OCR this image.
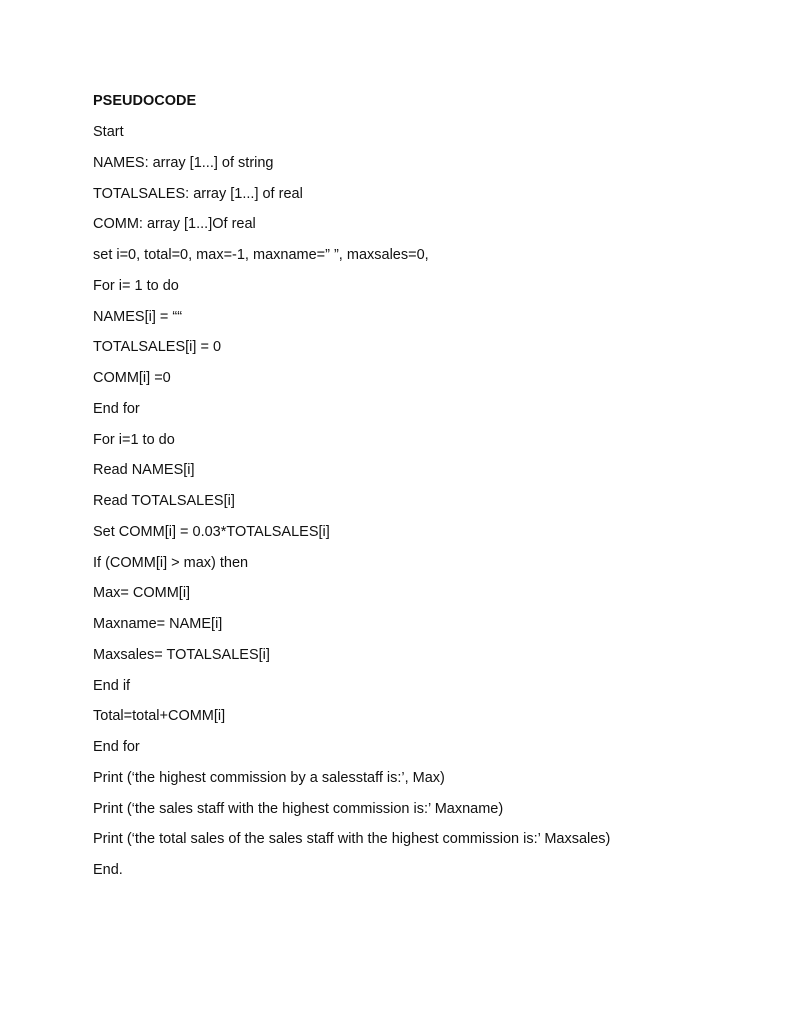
PSEUDOCODE
Start
NAMES: array [1...] of string
TOTALSALES: array [1...] of real
COMM: array [1...]Of real
set i=0, total=0, max=-1, maxname=” ”, maxsales=0,
For i= 1 to do
NAMES[i] = ““
TOTALSALES[i] = 0
COMM[i] =0
End for
For i=1 to do
Read NAMES[i]
Read TOTALSALES[i]
Set COMM[i] = 0.03*TOTALSALES[i]
If (COMM[i] > max) then
Max= COMM[i]
Maxname= NAME[i]
Maxsales= TOTALSALES[i]
End if
Total=total+COMM[i]
End for
Print (‘the highest commission by a salesstaff is:’, Max)
Print (‘the sales staff with the highest commission is:’ Maxname)
Print (‘the total sales of the sales staff with the highest commission is:’ Maxsales)
End.
